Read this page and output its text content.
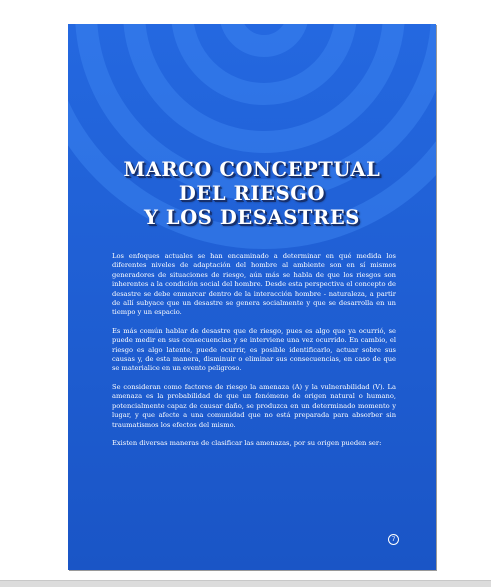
MARCO CONCEPTUAL
DEL RIESGO
Y LOS DESASTRES

Los enfoques actuales se han encaminado a determinar en qué medida los diferentes niveles de adaptación del hombre al ambiente son en sí mismos generadores de situaciones de riesgo, aún más se habla de que los riesgos son inherentes a la condición social del hombre. Desde esta perspectiva el concepto de desastre se debe enmarcar dentro de la interacción hombre - naturaleza, a partir de allí subyace que un desastre se genera socialmente y que se desarrolla en un tiempo y un espacio.

Es más común hablar de desastre que de riesgo, pues es algo que ya ocurrió, se puede medir en sus consecuencias y se interviene una vez ocurrido. En cambio, el riesgo es algo latente, puede ocurrir, es posible identificarlo, actuar sobre sus causas y, de esta manera, disminuir o eliminar sus consecuencias, en caso de que se materialice en un evento peligroso.

Se consideran como factores de riesgo la amenaza (A) y la vulnerabilidad (V). La amenaza es la probabilidad de que un fenómeno de origen natural o humano, potencialmente capaz de causar daño, se produzca en un determinado momento y lugar, y que afecte a una comunidad que no está preparada para absorber sin traumatismos los efectos del mismo.

Existen diversas maneras de clasificar las amenazas, por su origen pueden ser:

7
